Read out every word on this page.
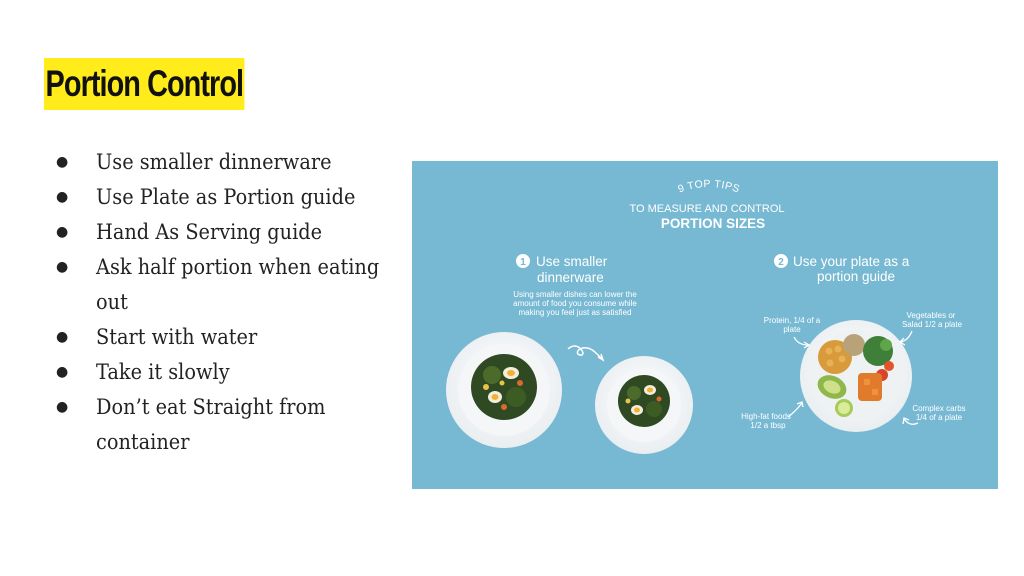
Portion Control
● Use smaller dinnerware
● Use Plate as Portion guide
● Hand As Serving guide
● Ask half portion when eating out
● Start with water
● Take it slowly
● Don’t eat Straight from container
9 TOP TIPS
TO MEASURE AND CONTROL
PORTION SIZES
1 Use smaller
dinnerware
Using smaller dishes can lower the
amount of food you consume while
making you feel just as satisfied
2 Use your plate as a
portion guide
Protein, 1/4 of a
plate
Vegetables or
Salad 1/2 a plate
High-fat foods
1/2 a tbsp
Complex carbs
1/4 of a plate
